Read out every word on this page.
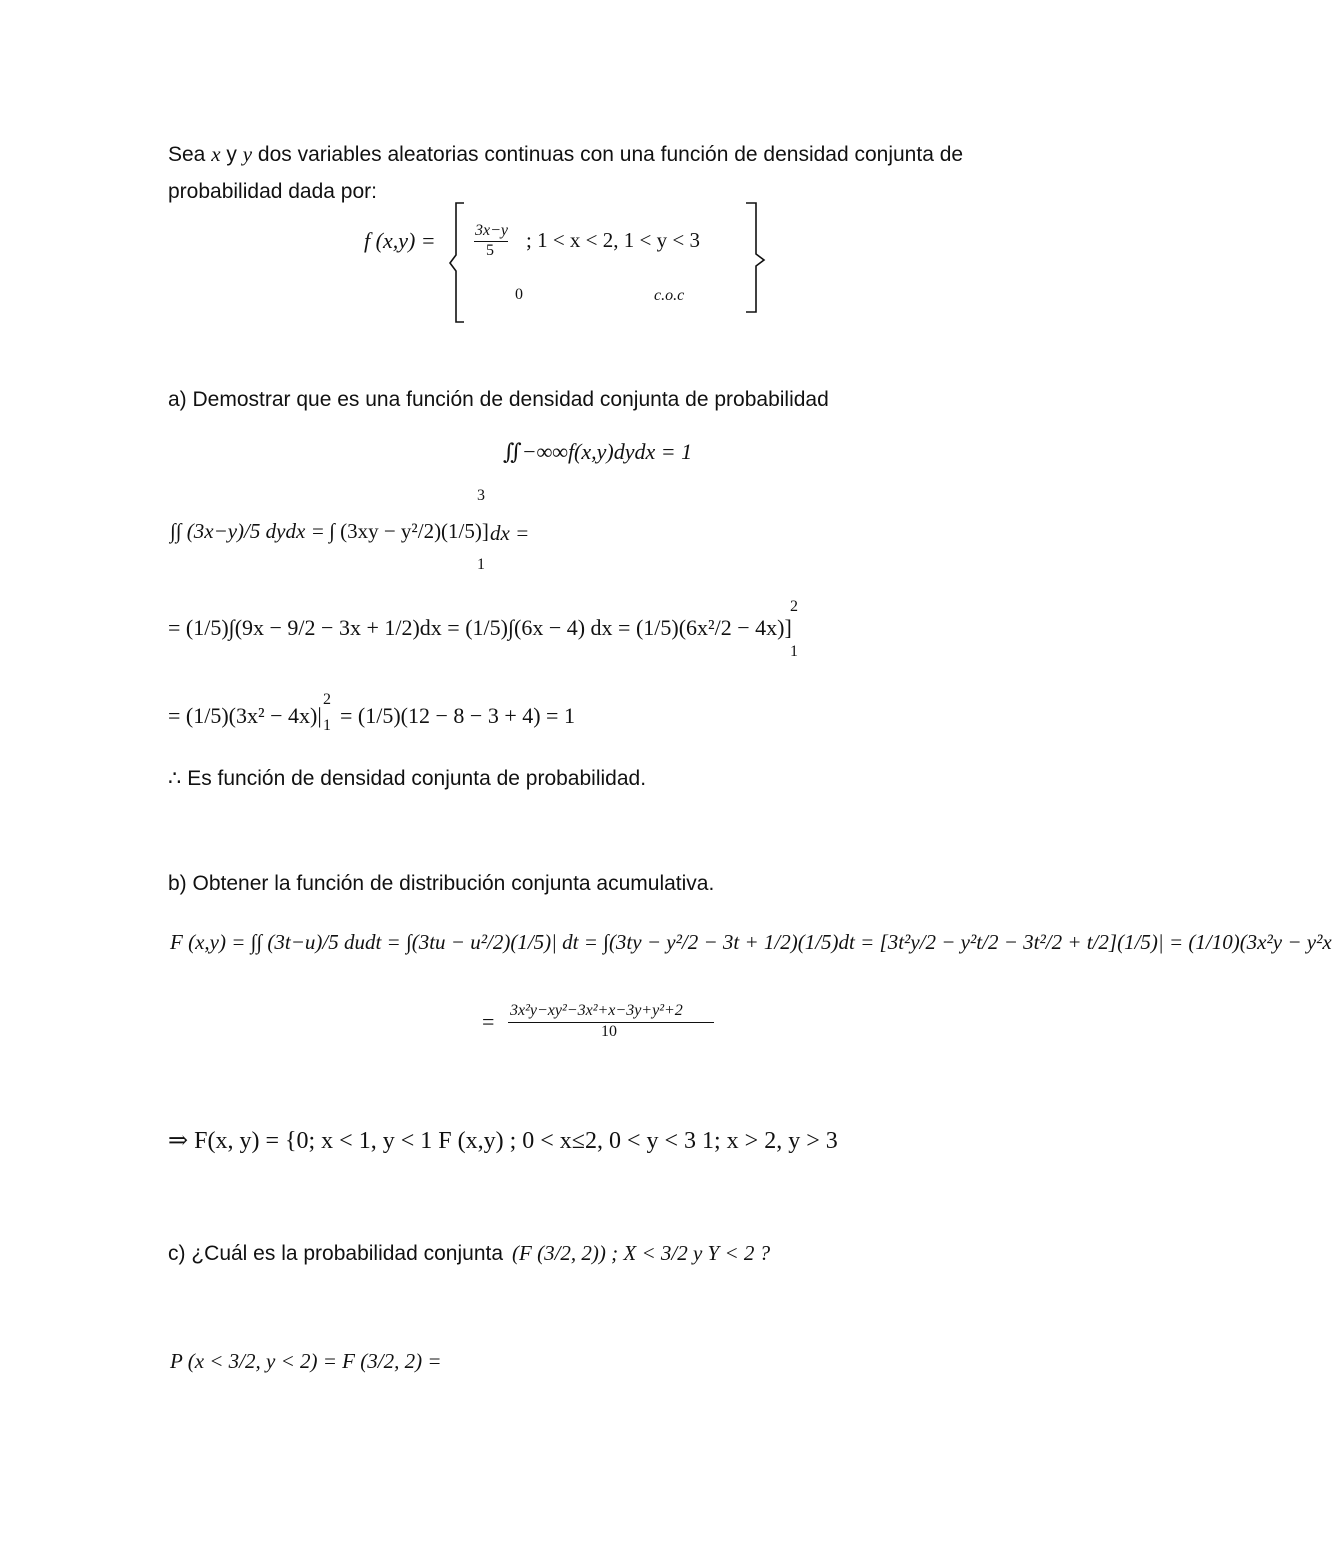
Sea x y y dos variables aleatorias continuas con una función de densidad conjunta de
probabilidad dada por:
f (x,y) = 3x−y
5 ; 1 < x < 2, 1 < y < 3
0	c.o.c
a) Demostrar que es una función de densidad conjunta de probabilidad
∬−∞∞f(x,y)dydx = 1
∫∫ (3x−y)/5 dydx = ∫ (3xy − y²/2)(1/5)]
3
1
dx =
= (1/5)∫(9x − 9/2 − 3x + 1/2)dx = (1/5)∫(6x − 4) dx = (1/5)(6x²/2 − 4x)]
2
1
= (1/5)(3x² − 4x)|
2
1 = (1/5)(12 − 8 − 3 + 4) = 1
∴ Es función de densidad conjunta de probabilidad.
b) Obtener la función de distribución conjunta acumulativa.
F (x,y) = ∫∫ (3t−u)/5 dudt = ∫(3tu − u²/2)(1/5)| dt = ∫(3ty − y²/2 − 3t + 1/2)(1/5)dt = [3t²y/2 − y²t/2 − 3t²/2 + t/2](1/5)| = (1/10)(3x²y − y²x
= 3x²y−xy²−3x²+x−3y+y²+2
10
⇒ F(x, y) = {0; x < 1, y < 1 F (x,y) ; 0 < x≤2, 0 < y < 3 1; x > 2, y > 3
c) ¿Cuál es la probabilidad conjunta (F (3/2, 2)) ; X < 3/2 y Y < 2 ?
P (x < 3/2, y < 2) = F (3/2, 2) =
